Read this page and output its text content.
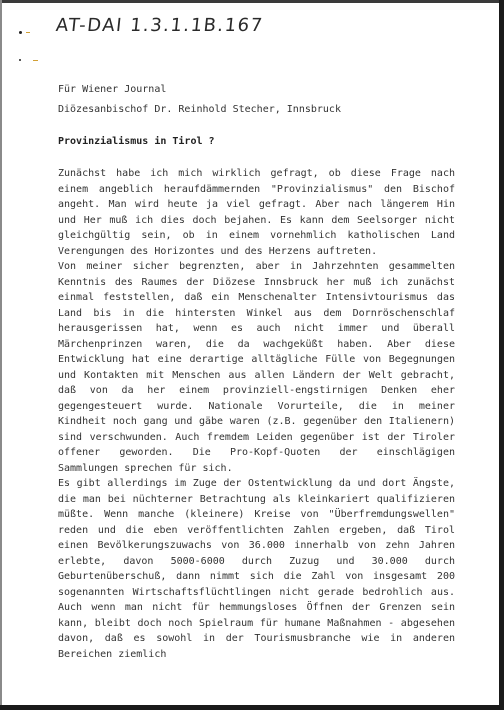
AT-DAI 1.3.1.1B.167
Für Wiener Journal
Diözesanbischof Dr. Reinhold Stecher, Innsbruck
Provinzialismus in Tirol ?

Zunächst habe ich mich wirklich gefragt, ob diese Frage nach einem angeblich heraufdämmernden "Provinzialismus" den Bischof angeht. Man wird heute ja viel gefragt. Aber nach längerem Hin und Her muß ich dies doch bejahen. Es kann dem Seelsorger nicht gleichgültig sein, ob in einem vornehmlich katholischen Land Verengungen des Horizontes und des Herzens auftreten.

Von meiner sicher begrenzten, aber in Jahrzehnten gesammelten Kenntnis des Raumes der Diözese Innsbruck her muß ich zunächst einmal feststellen, daß ein Menschenalter Intensivtourismus das Land bis in die hintersten Winkel aus dem Dornröschenschlaf herausgerissen hat, wenn es auch nicht immer und überall Märchenprinzen waren, die da wachgeküßt haben. Aber diese Entwicklung hat eine derartige alltägliche Fülle von Begegnungen und Kontakten mit Menschen aus allen Ländern der Welt gebracht, daß von da her einem provinziell-engstirnigen Denken eher gegengesteuert wurde. Nationale Vorurteile, die in meiner Kindheit noch gang und gäbe waren (z.B. gegenüber den Italienern) sind verschwunden. Auch fremdem Leiden gegenüber ist der Tiroler offener geworden. Die Pro-Kopf-Quoten der einschlägigen Sammlungen sprechen für sich.

Es gibt allerdings im Zuge der Ostentwicklung da und dort Ängste, die man bei nüchterner Betrachtung als kleinkariert qualifizieren müßte. Wenn manche (kleinere) Kreise von "Überfremdungswellen" reden und die eben veröffentlichten Zahlen ergeben, daß Tirol einen Bevölkerungszuwachs von 36.000 innerhalb von zehn Jahren erlebte, davon 5000-6000 durch Zuzug und 30.000 durch Geburtenüberschuß, dann nimmt sich die Zahl von insgesamt 200 sogenannten Wirtschaftsflüchtlingen nicht gerade bedrohlich aus. Auch wenn man nicht für hemmungsloses Öffnen der Grenzen sein kann, bleibt doch noch Spielraum für humane Maßnahmen - abgesehen davon, daß es sowohl in der Tourismusbranche wie in anderen Bereichen ziemlich
